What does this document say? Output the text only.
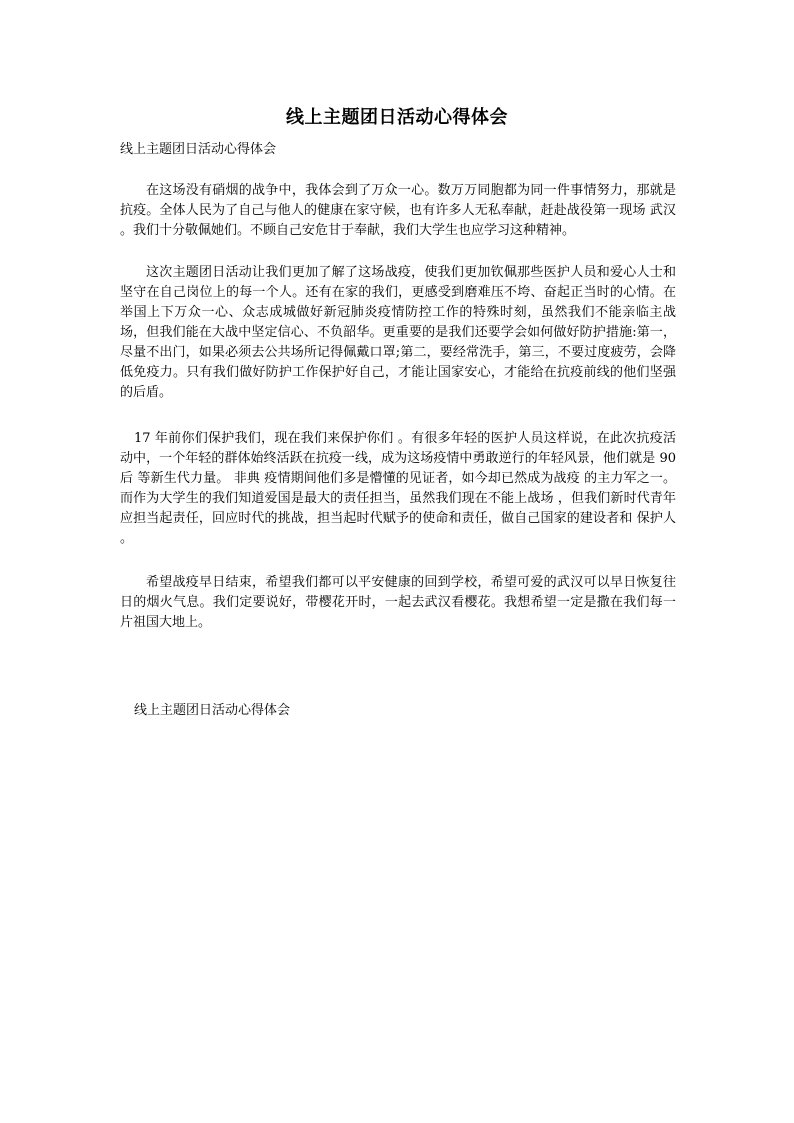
线上主题团日活动心得体会
线上主题团日活动心得体会

在这场没有硝烟的战争中，我体会到了万众一心。数万万同胞都为同一件事情努力，那就是抗疫。全体人民为了自己与他人的健康在家守候，也有许多人无私奉献，赶赴战役第一现场 武汉 。我们十分敬佩她们。不顾自己安危甘于奉献，我们大学生也应学习这种精神。

这次主题团日活动让我们更加了解了这场战疫，使我们更加钦佩那些医护人员和爱心人士和坚守在自己岗位上的每一个人。还有在家的我们，更感受到磨难压不垮、奋起正当时的心情。在举国上下万众一心、众志成城做好新冠肺炎疫情防控工作的特殊时刻，虽然我们不能亲临主战场，但我们能在大战中坚定信心、不负韶华。更重要的是我们还要学会如何做好防护措施:第一，尽量不出门，如果必须去公共场所记得佩戴口罩;第二，要经常洗手，第三，不要过度疲劳，会降低免疫力。只有我们做好防护工作保护好自己，才能让国家安心，才能给在抗疫前线的他们坚强的后盾。

17 年前你们保护我们，现在我们来保护你们 。有很多年轻的医护人员这样说，在此次抗疫活动中，一个年轻的群体始终活跃在抗疫一线，成为这场疫情中勇敢逆行的年轻风景，他们就是 90 后 等新生代力量。 非典 疫情期间他们多是懵懂的见证者，如今却已然成为战疫 的主力军之一。而作为大学生的我们知道爱国是最大的责任担当，虽然我们现在不能上战场 ，但我们新时代青年应担当起责任，回应时代的挑战，担当起时代赋予的使命和责任，做自己国家的建设者和 保护人 。

希望战疫早日结束，希望我们都可以平安健康的回到学校，希望可爱的武汉可以早日恢复往日的烟火气息。我们定要说好，带樱花开时，一起去武汉看樱花。我想希望一定是撒在我们每一片祖国大地上。

线上主题团日活动心得体会
